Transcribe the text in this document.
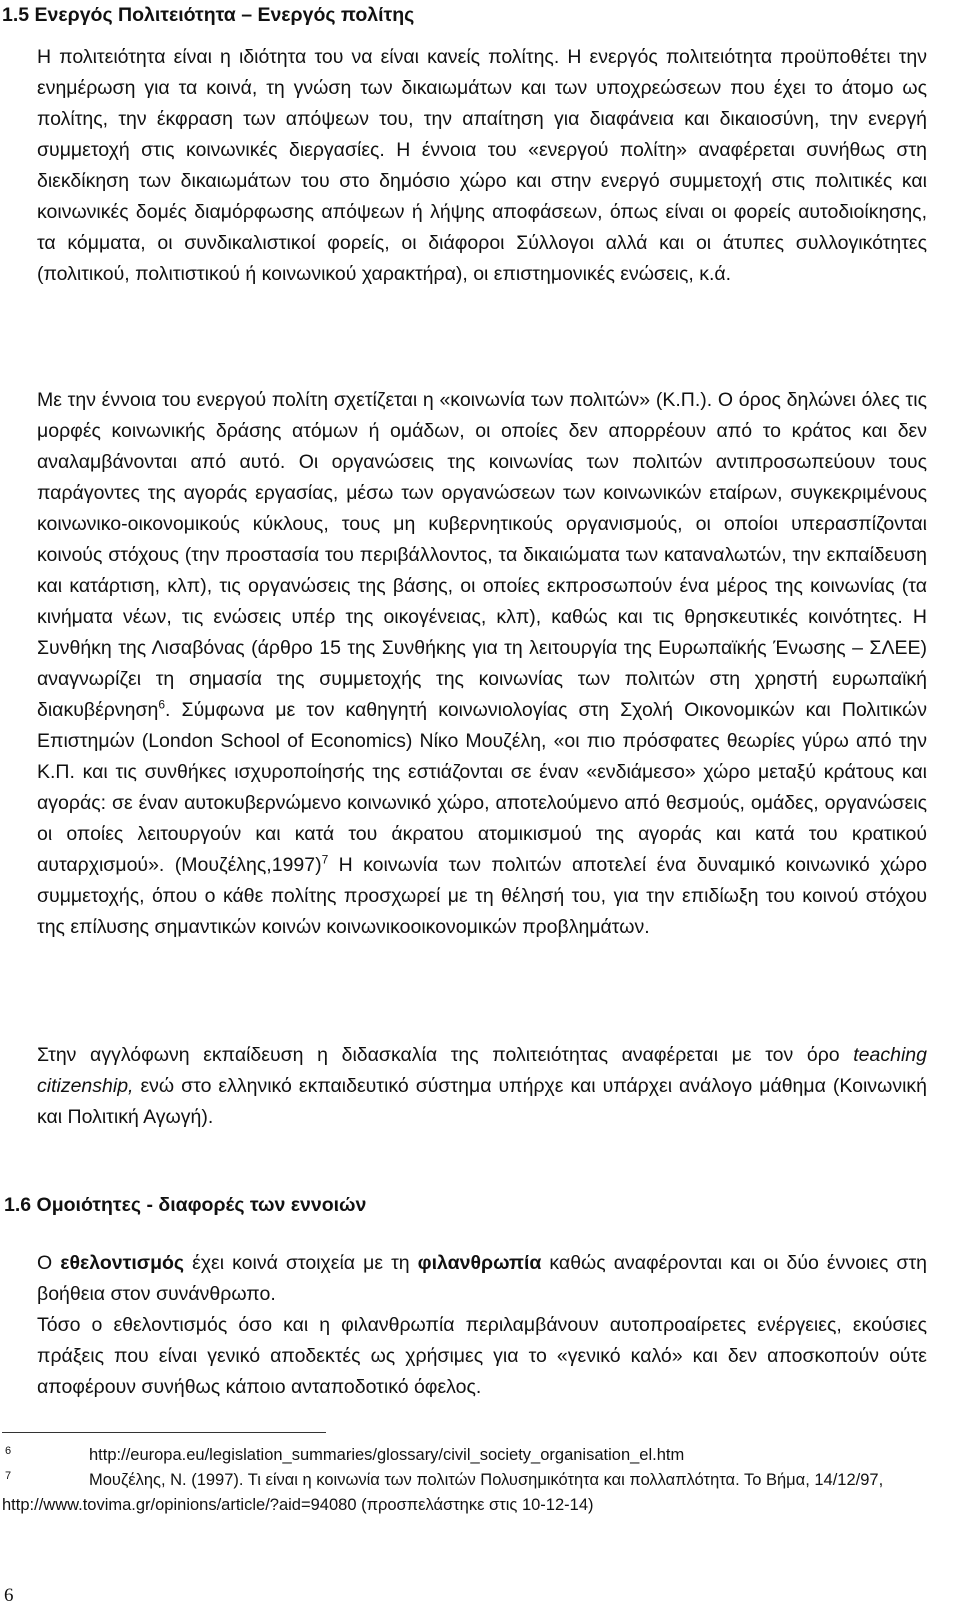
1.5 Ενεργός Πολιτειότητα – Ενεργός πολίτης

Η πολιτειότητα είναι η ιδιότητα του να είναι κανείς πολίτης. Η ενεργός πολιτειότητα προϋποθέτει την ενημέρωση για τα κοινά, τη γνώση των δικαιωμάτων και των υποχρεώσεων που έχει το άτομο ως πολίτης, την έκφραση των απόψεων του, την απαίτηση για διαφάνεια και δικαιοσύνη, την ενεργή συμμετοχή στις κοινωνικές διεργασίες. Η έννοια του «ενεργού πολίτη» αναφέρεται συνήθως στη διεκδίκηση των δικαιωμάτων του στο δημόσιο χώρο και στην ενεργό συμμετοχή στις πολιτικές και κοινωνικές δομές διαμόρφωσης απόψεων ή λήψης αποφάσεων, όπως είναι οι φορείς αυτοδιοίκησης, τα κόμματα, οι συνδικαλιστικοί φορείς, οι διάφοροι Σύλλογοι αλλά και οι άτυπες συλλογικότητες (πολιτικού, πολιτιστικού ή κοινωνικού χαρακτήρα), οι επιστημονικές ενώσεις, κ.ά.

Με την έννοια του ενεργού πολίτη σχετίζεται η «κοινωνία των πολιτών» (Κ.Π.). Ο όρος δηλώνει όλες τις μορφές κοινωνικής δράσης ατόμων ή ομάδων, οι οποίες δεν απορρέουν από το κράτος και δεν αναλαμβάνονται από αυτό. Οι οργανώσεις της κοινωνίας των πολιτών αντιπροσωπεύουν τους παράγοντες της αγοράς εργασίας, μέσω των οργανώσεων των κοινωνικών εταίρων, συγκεκριμένους κοινωνικο-οικονομικούς κύκλους, τους μη κυβερνητικούς οργανισμούς, οι οποίοι υπερασπίζονται κοινούς στόχους (την προστασία του περιβάλλοντος, τα δικαιώματα των καταναλωτών, την εκπαίδευση και κατάρτιση, κλπ), τις οργανώσεις της βάσης, οι οποίες εκπροσωπούν ένα μέρος της κοινωνίας (τα κινήματα νέων, τις ενώσεις υπέρ της οικογένειας, κλπ), καθώς και τις θρησκευτικές κοινότητες. Η Συνθήκη της Λισαβόνας (άρθρο 15 της Συνθήκης για τη λειτουργία της Ευρωπαϊκής Ένωσης – ΣΛΕΕ) αναγνωρίζει τη σημασία της συμμετοχής της κοινωνίας των πολιτών στη χρηστή ευρωπαϊκή διακυβέρνηση$^6$. Σύμφωνα με τον καθηγητή κοινωνιολογίας στη Σχολή Οικονομικών και Πολιτικών Επιστημών (London School of Economics) Νίκο Μουζέλη, «οι πιο πρόσφατες θεωρίες γύρω από την Κ.Π. και τις συνθήκες ισχυροποίησής της εστιάζονται σε έναν «ενδιάμεσο» χώρο μεταξύ κράτους και αγοράς: σε έναν αυτοκυβερνώμενο κοινωνικό χώρο, αποτελούμενο από θεσμούς, ομάδες, οργανώσεις οι οποίες λειτουργούν και κατά του άκρατου ατομικισμού της αγοράς και κατά του κρατικού αυταρχισμού». $(Mo\upsilon\zeta έ\lambda\eta\varsigma,1997)^7$ Η κοινωνία των πολιτών αποτελεί ένα δυναμικό κοινωνικό χώρο συμμετοχής, όπου ο κάθε πολίτης προσχωρεί με τη θέλησή του, για την επιδίωξη του κοινού στόχου της επίλυσης σημαντικών κοινών κοινωνικοοικονομικών προβλημάτων.

Στην αγγλόφωνη εκπαίδευση η διδασκαλία της πολιτειότητας αναφέρεται με τον όρο teaching citizenship, ενώ στο ελληνικό εκπαιδευτικό σύστημα υπήρχε και υπάρχει ανάλογο μάθημα (Κοινωνική και Πολιτική Αγωγή).

1.6 Ομοιότητες - διαφορές των εννοιών

Ο εθελοντισμός έχει κοινά στοιχεία με τη φιλανθρωπία καθώς αναφέρονται και οι δύο έννοιες στη βοήθεια στον συνάνθρωπο.

Τόσο ο εθελοντισμός όσο και η φιλανθρωπία περιλαμβάνουν αυτοπροαίρετες ενέργειες, εκούσιες πράξεις που είναι γενικό αποδεκτές ως χρήσιμες για το «γενικό καλό» και δεν αποσκοπούν ούτε αποφέρουν συνήθως κάποιο ανταποδοτικό όφελος.

6	http://europa.eu/legislation_summaries/glossary/civil_society_organisation_el.htm
7	Μουζέλης, Ν. (1997). Τι είναι η κοινωνία των πολιτών Πολυσημικότητα και πολλαπλότητα. Το Βήμα, 14/12/97, http://www.tovima.gr/opinions/article/?aid=94080 (προσπελάστηκε στις 10-12-14)
6
